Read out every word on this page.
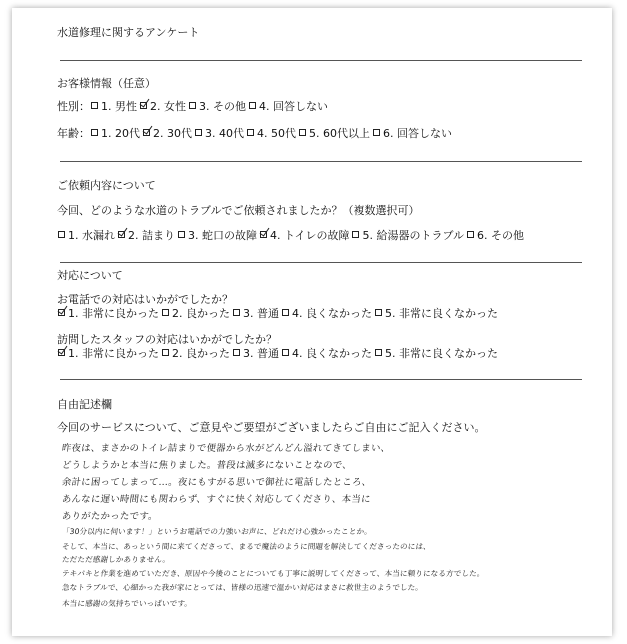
水道修理に関するアンケート
お客様情報（任意）
性別： 1. 男性 2. 女性 3. その他 4. 回答しない
年齢： 1. 20代 2. 30代 3. 40代 4. 50代 5. 60代以上 6. 回答しない
ご依頼内容について
今回、どのような水道のトラブルでご依頼されましたか？（複数選択可）
1. 水漏れ 2. 詰まり 3. 蛇口の故障 4. トイレの故障 5. 給湯器のトラブル 6. その他
対応について
お電話での対応はいかがでしたか？
1. 非常に良かった 2. 良かった 3. 普通 4. 良くなかった 5. 非常に良くなかった
訪問したスタッフの対応はいかがでしたか？
1. 非常に良かった 2. 良かった 3. 普通 4. 良くなかった 5. 非常に良くなかった
自由記述欄
今回のサービスについて、ご意見やご要望がございましたらご自由にご記入ください。
昨夜は、まさかのトイレ詰まりで便器から水がどんどん溢れてきてしまい、
どうしようかと本当に焦りました。普段は滅多にないことなので、
余計に困ってしまって…。夜にもすがる思いで御社に電話したところ、
あんなに遅い時間にも関わらず、すぐに快く対応してくださり、本当に
ありがたかったです。
「30分以内に伺います！」というお電話での力強いお声に、どれだけ心強かったことか。
そして、本当に、あっという間に来てくださって、まるで魔法のように問題を解決してくださったのには、
ただただ感謝しかありません。
テキパキと作業を進めていただき、原因や今後のことについても丁寧に説明してくださって、本当に頼りになる方でした。
急なトラブルで、心細かった我が家にとっては、皆様の迅速で温かい対応はまさに救世主のようでした。
本当に感謝の気持ちでいっぱいです。
